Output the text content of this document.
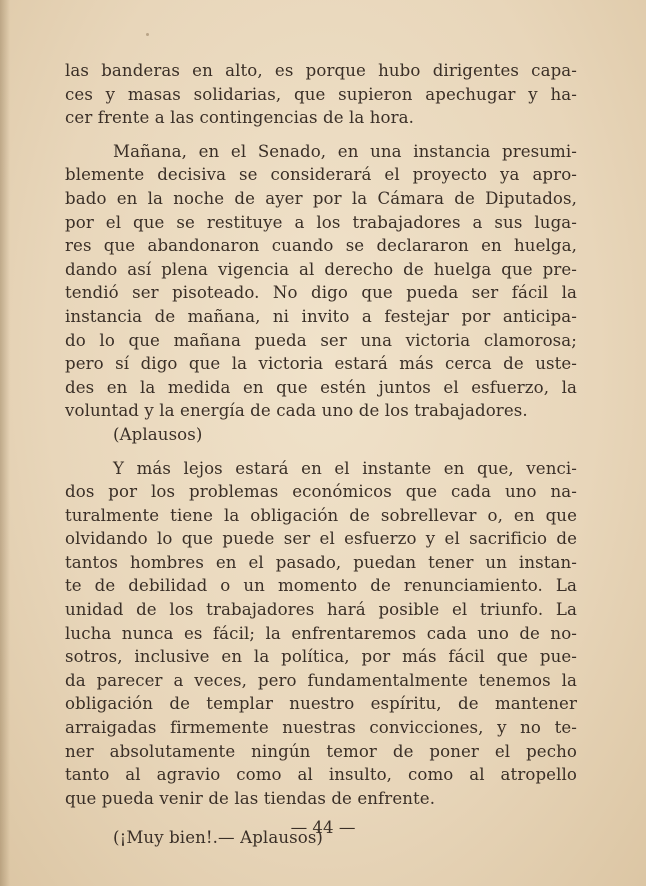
las banderas en alto, es porque hubo dirigentes capa-
ces y masas solidarias, que supieron apechugar y ha-
cer frente a las contingencias de la hora.
Mañana, en el Senado, en una instancia presumi-
blemente decisiva se considerará el proyecto ya apro-
bado en la noche de ayer por la Cámara de Diputados,
por el que se restituye a los trabajadores a sus luga-
res que abandonaron cuando se declararon en huelga,
dando así plena vigencia al derecho de huelga que pre-
tendió ser pisoteado. No digo que pueda ser fácil la
instancia de mañana, ni invito a festejar por anticipa-
do lo que mañana pueda ser una victoria clamorosa;
pero sí digo que la victoria estará más cerca de uste-
des en la medida en que estén juntos el esfuerzo, la
voluntad y la energía de cada uno de los trabajadores.
(Aplausos)
Y más lejos estará en el instante en que, venci-
dos por los problemas económicos que cada uno na-
turalmente tiene la obligación de sobrellevar o, en que
olvidando lo que puede ser el esfuerzo y el sacrificio de
tantos hombres en el pasado, puedan tener un instan-
te de debilidad o un momento de renunciamiento. La
unidad de los trabajadores hará posible el triunfo. La
lucha nunca es fácil; la enfrentaremos cada uno de no-
sotros, inclusive en la política, por más fácil que pue-
da parecer a veces, pero fundamentalmente tenemos la
obligación de templar nuestro espíritu, de mantener
arraigadas firmemente nuestras convicciones, y no te-
ner absolutamente ningún temor de poner el pecho
tanto al agravio como al insulto, como al atropello
que pueda venir de las tiendas de enfrente.
(¡Muy bien!.— Aplausos)
— 44 —
